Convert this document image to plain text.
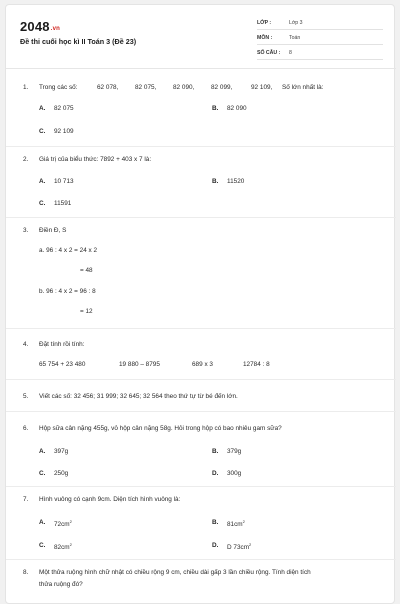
2048.vn
Đề thi cuối học kì II Toán 3 (Đề 23)
LỚP :	Lớp 3
MÔN :	Toán
SỐ CÂU : 8
1. Trong các số:	62 078,	82 075,	82 090,	82 099,	92 109, Số lớn nhất là:
A. 82 075	B. 82 090
C. 92 109
2. Giá trị của biểu thức: 7892 + 403 x 7 là:
A. 10 713	B. 11520
C. 11591
3. Điền Đ, S
a. 96 : 4 x 2 = 24 x 2
= 48
b. 96 : 4 x 2 = 96 : 8
= 12
4. Đặt tính rồi tính:
65 754 + 23 480	19 880 – 8795	689 x 3	12784 : 8
5. Viết các số: 32 456; 31 999; 32 645; 32 564 theo thứ tự từ bé đến lớn.
6. Hộp sữa cân nặng 455g, vỏ hộp cân nặng 58g. Hỏi trong hộp có bao nhiêu gam sữa?
A. 397g	B. 379g
C. 250g	D. 300g
7. Hình vuông có cạnh 9cm. Diện tích hình vuông là:
A. $72cm^2$	B. $81cm^2$
C. $82cm^2$	D. D $73cm^2$
8. Một thửa ruộng hình chữ nhật có chiều rộng 9 cm, chiều dài gấp 3 lần chiều rộng. Tính diện tích
thửa ruộng đó?
